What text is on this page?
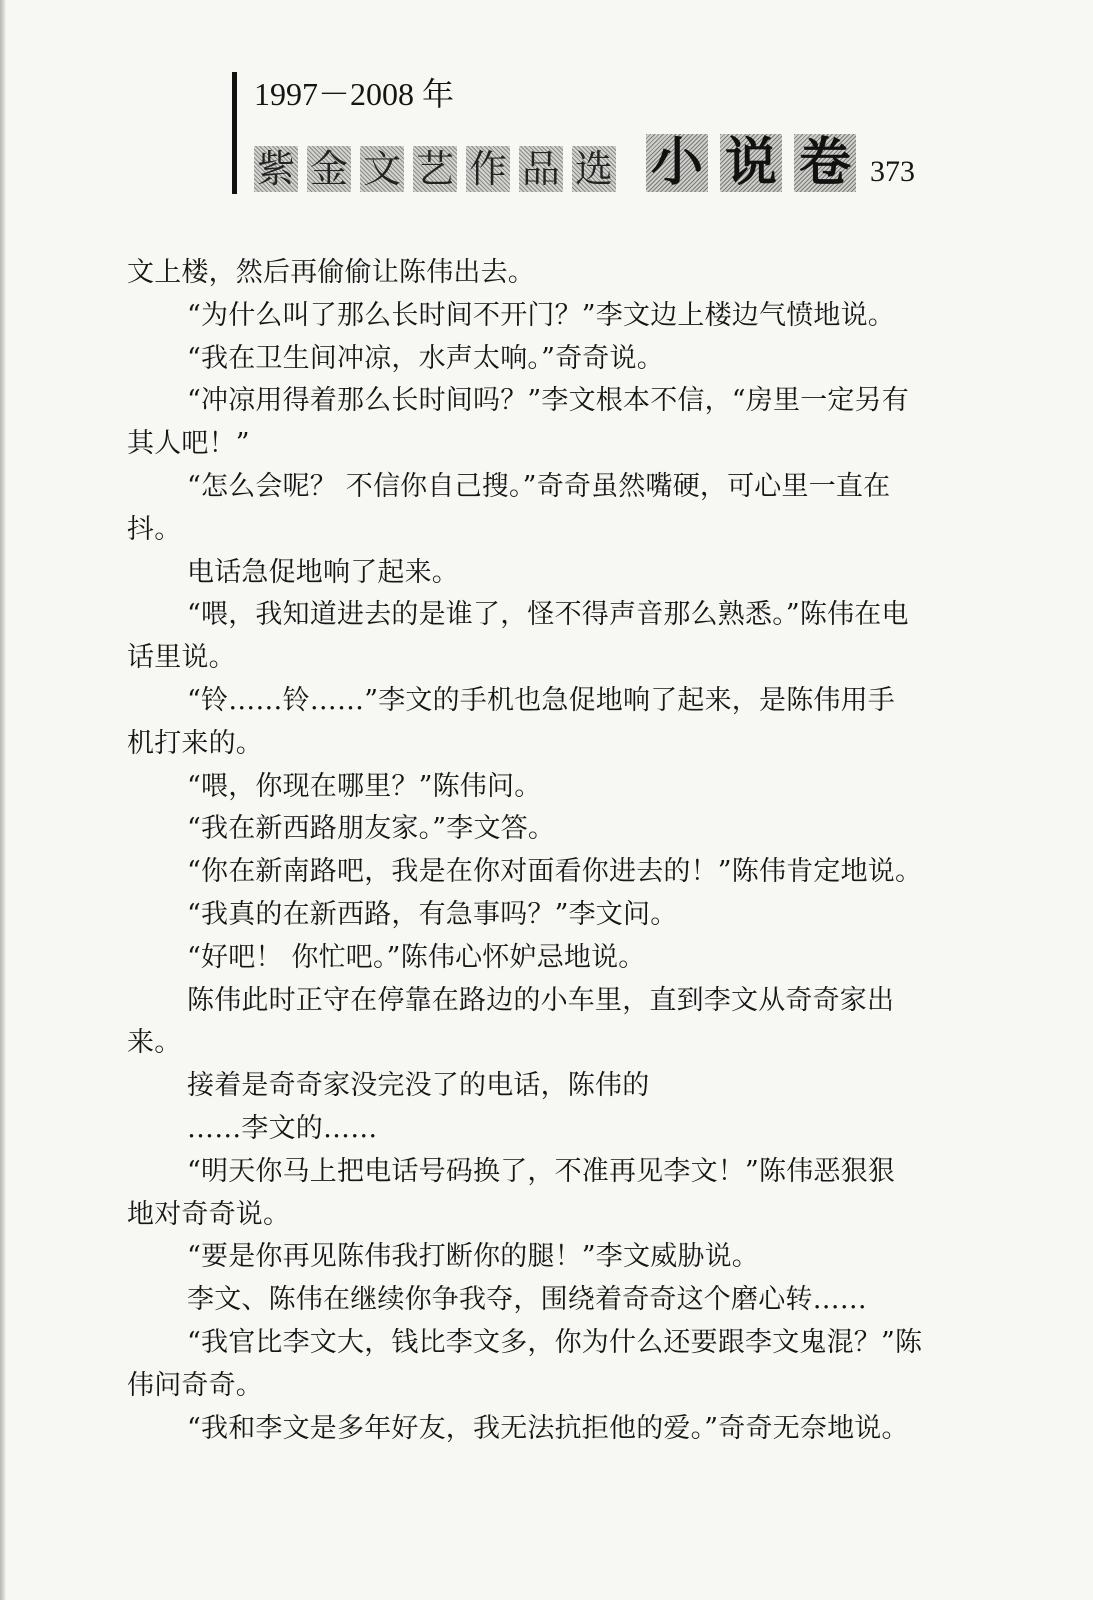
1997－2008 年
紫 金 文 艺 作 品 选 小 说 卷 373
文上楼，然后再偷偷让陈伟出去。
“为什么叫了那么长时间不开门？”李文边上楼边气愤地说。
“我在卫生间冲凉，水声太响。”奇奇说。
“冲凉用得着那么长时间吗？”李文根本不信，“房里一定另有
其人吧！”
“怎么会呢？ 不信你自己搜。”奇奇虽然嘴硬，可心里一直在
抖。
电话急促地响了起来。
“喂，我知道进去的是谁了，怪不得声音那么熟悉。”陈伟在电
话里说。
“铃……铃……”李文的手机也急促地响了起来，是陈伟用手
机打来的。
“喂，你现在哪里？”陈伟问。
“我在新西路朋友家。”李文答。
“你在新南路吧，我是在你对面看你进去的！”陈伟肯定地说。
“我真的在新西路，有急事吗？”李文问。
“好吧！ 你忙吧。”陈伟心怀妒忌地说。
陈伟此时正守在停靠在路边的小车里，直到李文从奇奇家出
来。
接着是奇奇家没完没了的电话，陈伟的
……李文的……
“明天你马上把电话号码换了，不准再见李文！”陈伟恶狠狠
地对奇奇说。
“要是你再见陈伟我打断你的腿！”李文威胁说。
李文、陈伟在继续你争我夺，围绕着奇奇这个磨心转……
“我官比李文大，钱比李文多，你为什么还要跟李文鬼混？”陈
伟问奇奇。
“我和李文是多年好友，我无法抗拒他的爱。”奇奇无奈地说。
